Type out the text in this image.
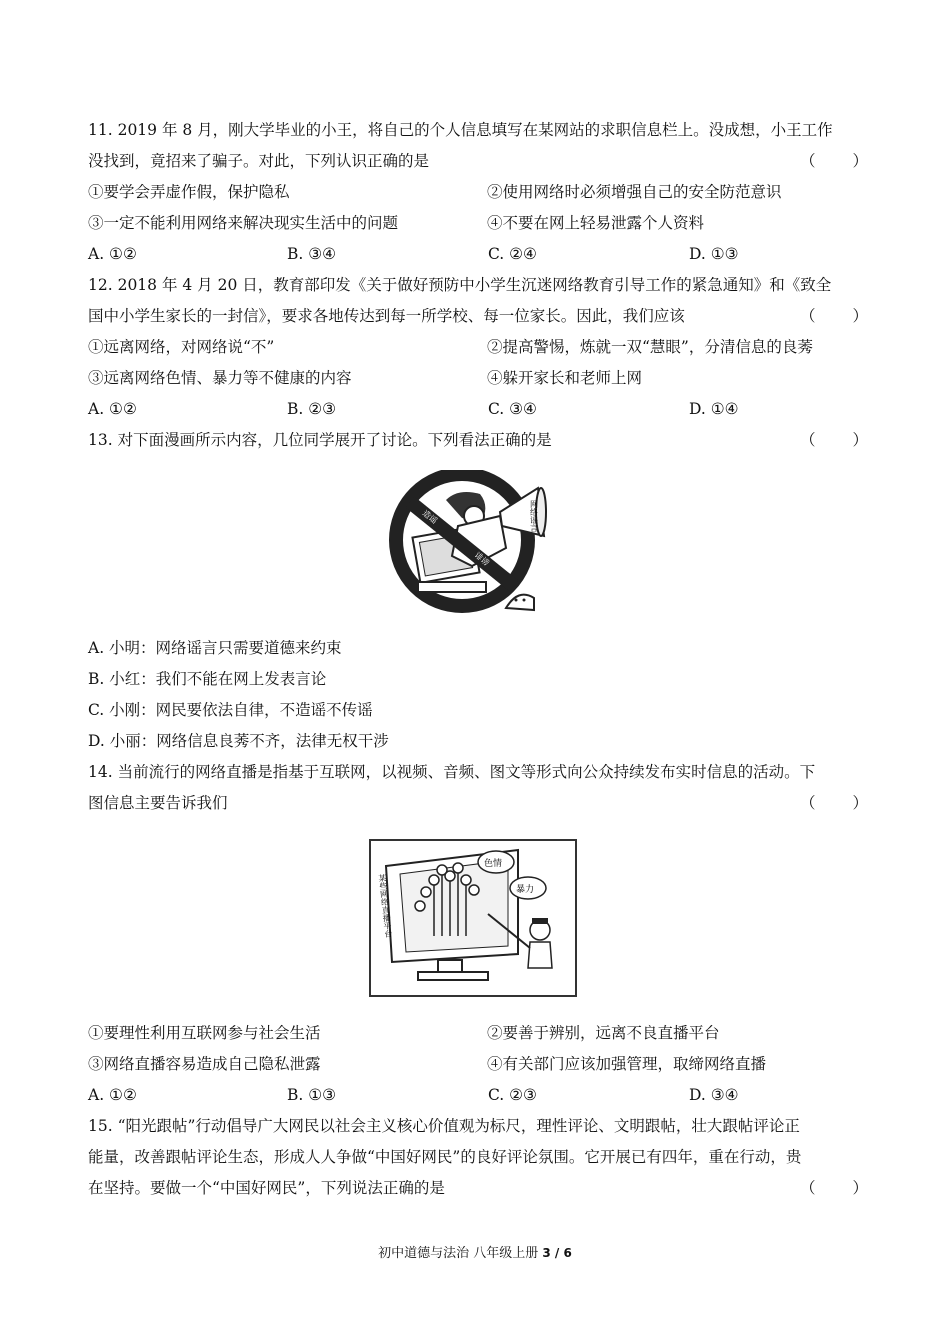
11. 2019 年 8 月，刚大学毕业的小王，将自己的个人信息填写在某网站的求职信息栏上。没成想，小王工作
没找到，竟招来了骗子。对此，下列认识正确的是	（　　）
①要学会弄虚作假，保护隐私	②使用网络时必须增强自己的安全防范意识
③一定不能利用网络来解决现实生活中的问题	④不要在网上轻易泄露个人资料
A. ①②	B. ③④	C. ②④	D. ①③
12. 2018 年 4 月 20 日，教育部印发《关于做好预防中小学生沉迷网络教育引导工作的紧急通知》和《致全
国中小学生家长的一封信》，要求各地传达到每一所学校、每一位家长。因此，我们应该	（　　）
①远离网络，对网络说“不”	②提高警惕，炼就一双“慧眼”，分清信息的良莠
③远离网络色情、暴力等不健康的内容	④躲开家长和老师上网
A. ①②	B. ②③	C. ③④	D. ①④
13. 对下面漫画所示内容，几位同学展开了讨论。下列看法正确的是	（　　）
网络谣言
造谣
诽谤
A. 小明：网络谣言只需要道德来约束
B. 小红：我们不能在网上发表言论
C. 小刚：网民要依法自律，不造谣不传谣
D. 小丽：网络信息良莠不齐，法律无权干涉
14. 当前流行的网络直播是指基于互联网，以视频、音频、图文等形式向公众持续发布实时信息的活动。下
图信息主要告诉我们	（　　）
某些网络直播平台
色情
暴力
①要理性利用互联网参与社会生活	②要善于辨别，远离不良直播平台
③网络直播容易造成自己隐私泄露	④有关部门应该加强管理，取缔网络直播
A. ①②	B. ①③	C. ②③	D. ③④
15. “阳光跟帖”行动倡导广大网民以社会主义核心价值观为标尺，理性评论、文明跟帖，壮大跟帖评论正
能量，改善跟帖评论生态，形成人人争做“中国好网民”的良好评论氛围。它开展已有四年，重在行动，贵
在坚持。要做一个“中国好网民”，下列说法正确的是	（　　）
初中道德与法治 八年级上册 3 / 6
